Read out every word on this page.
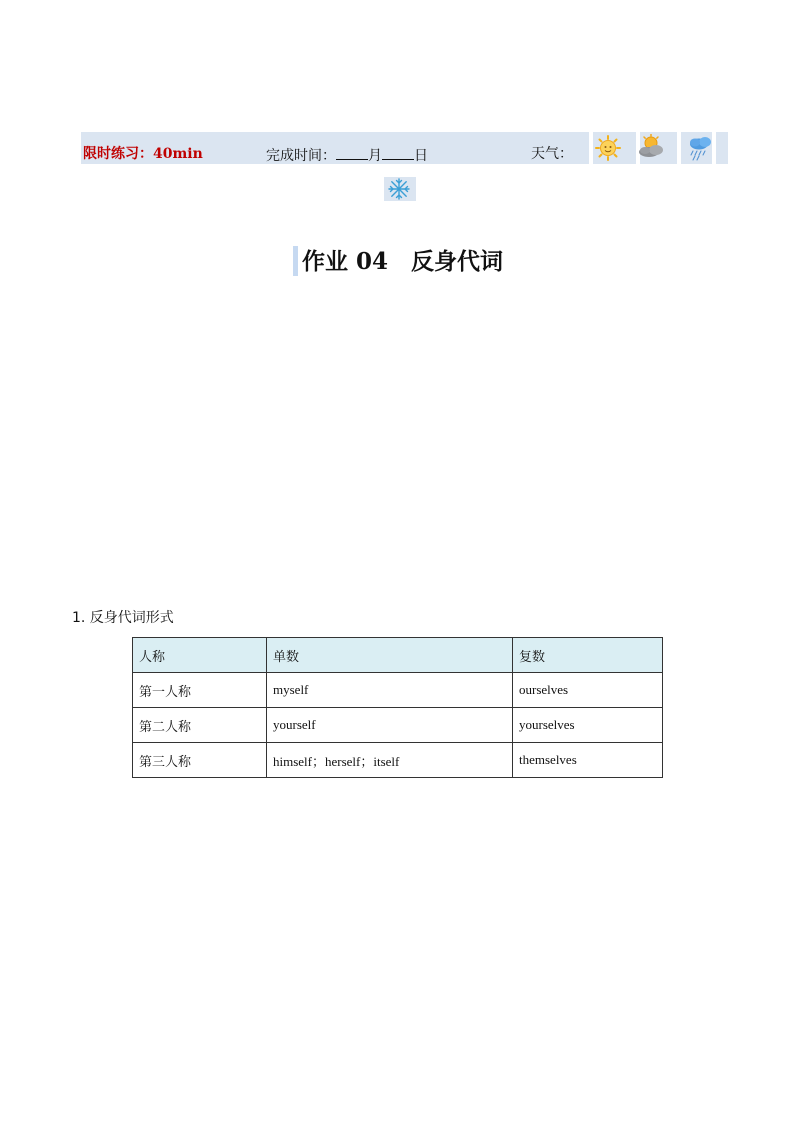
限时练习：40min	完成时间： 月 日	天气：
作业 04　反身代词
1. 反身代词形式
人称	单数	复数
第一人称	myself	ourselves
第二人称	yourself	yourselves
第三人称	himself；herself；itself	themselves
